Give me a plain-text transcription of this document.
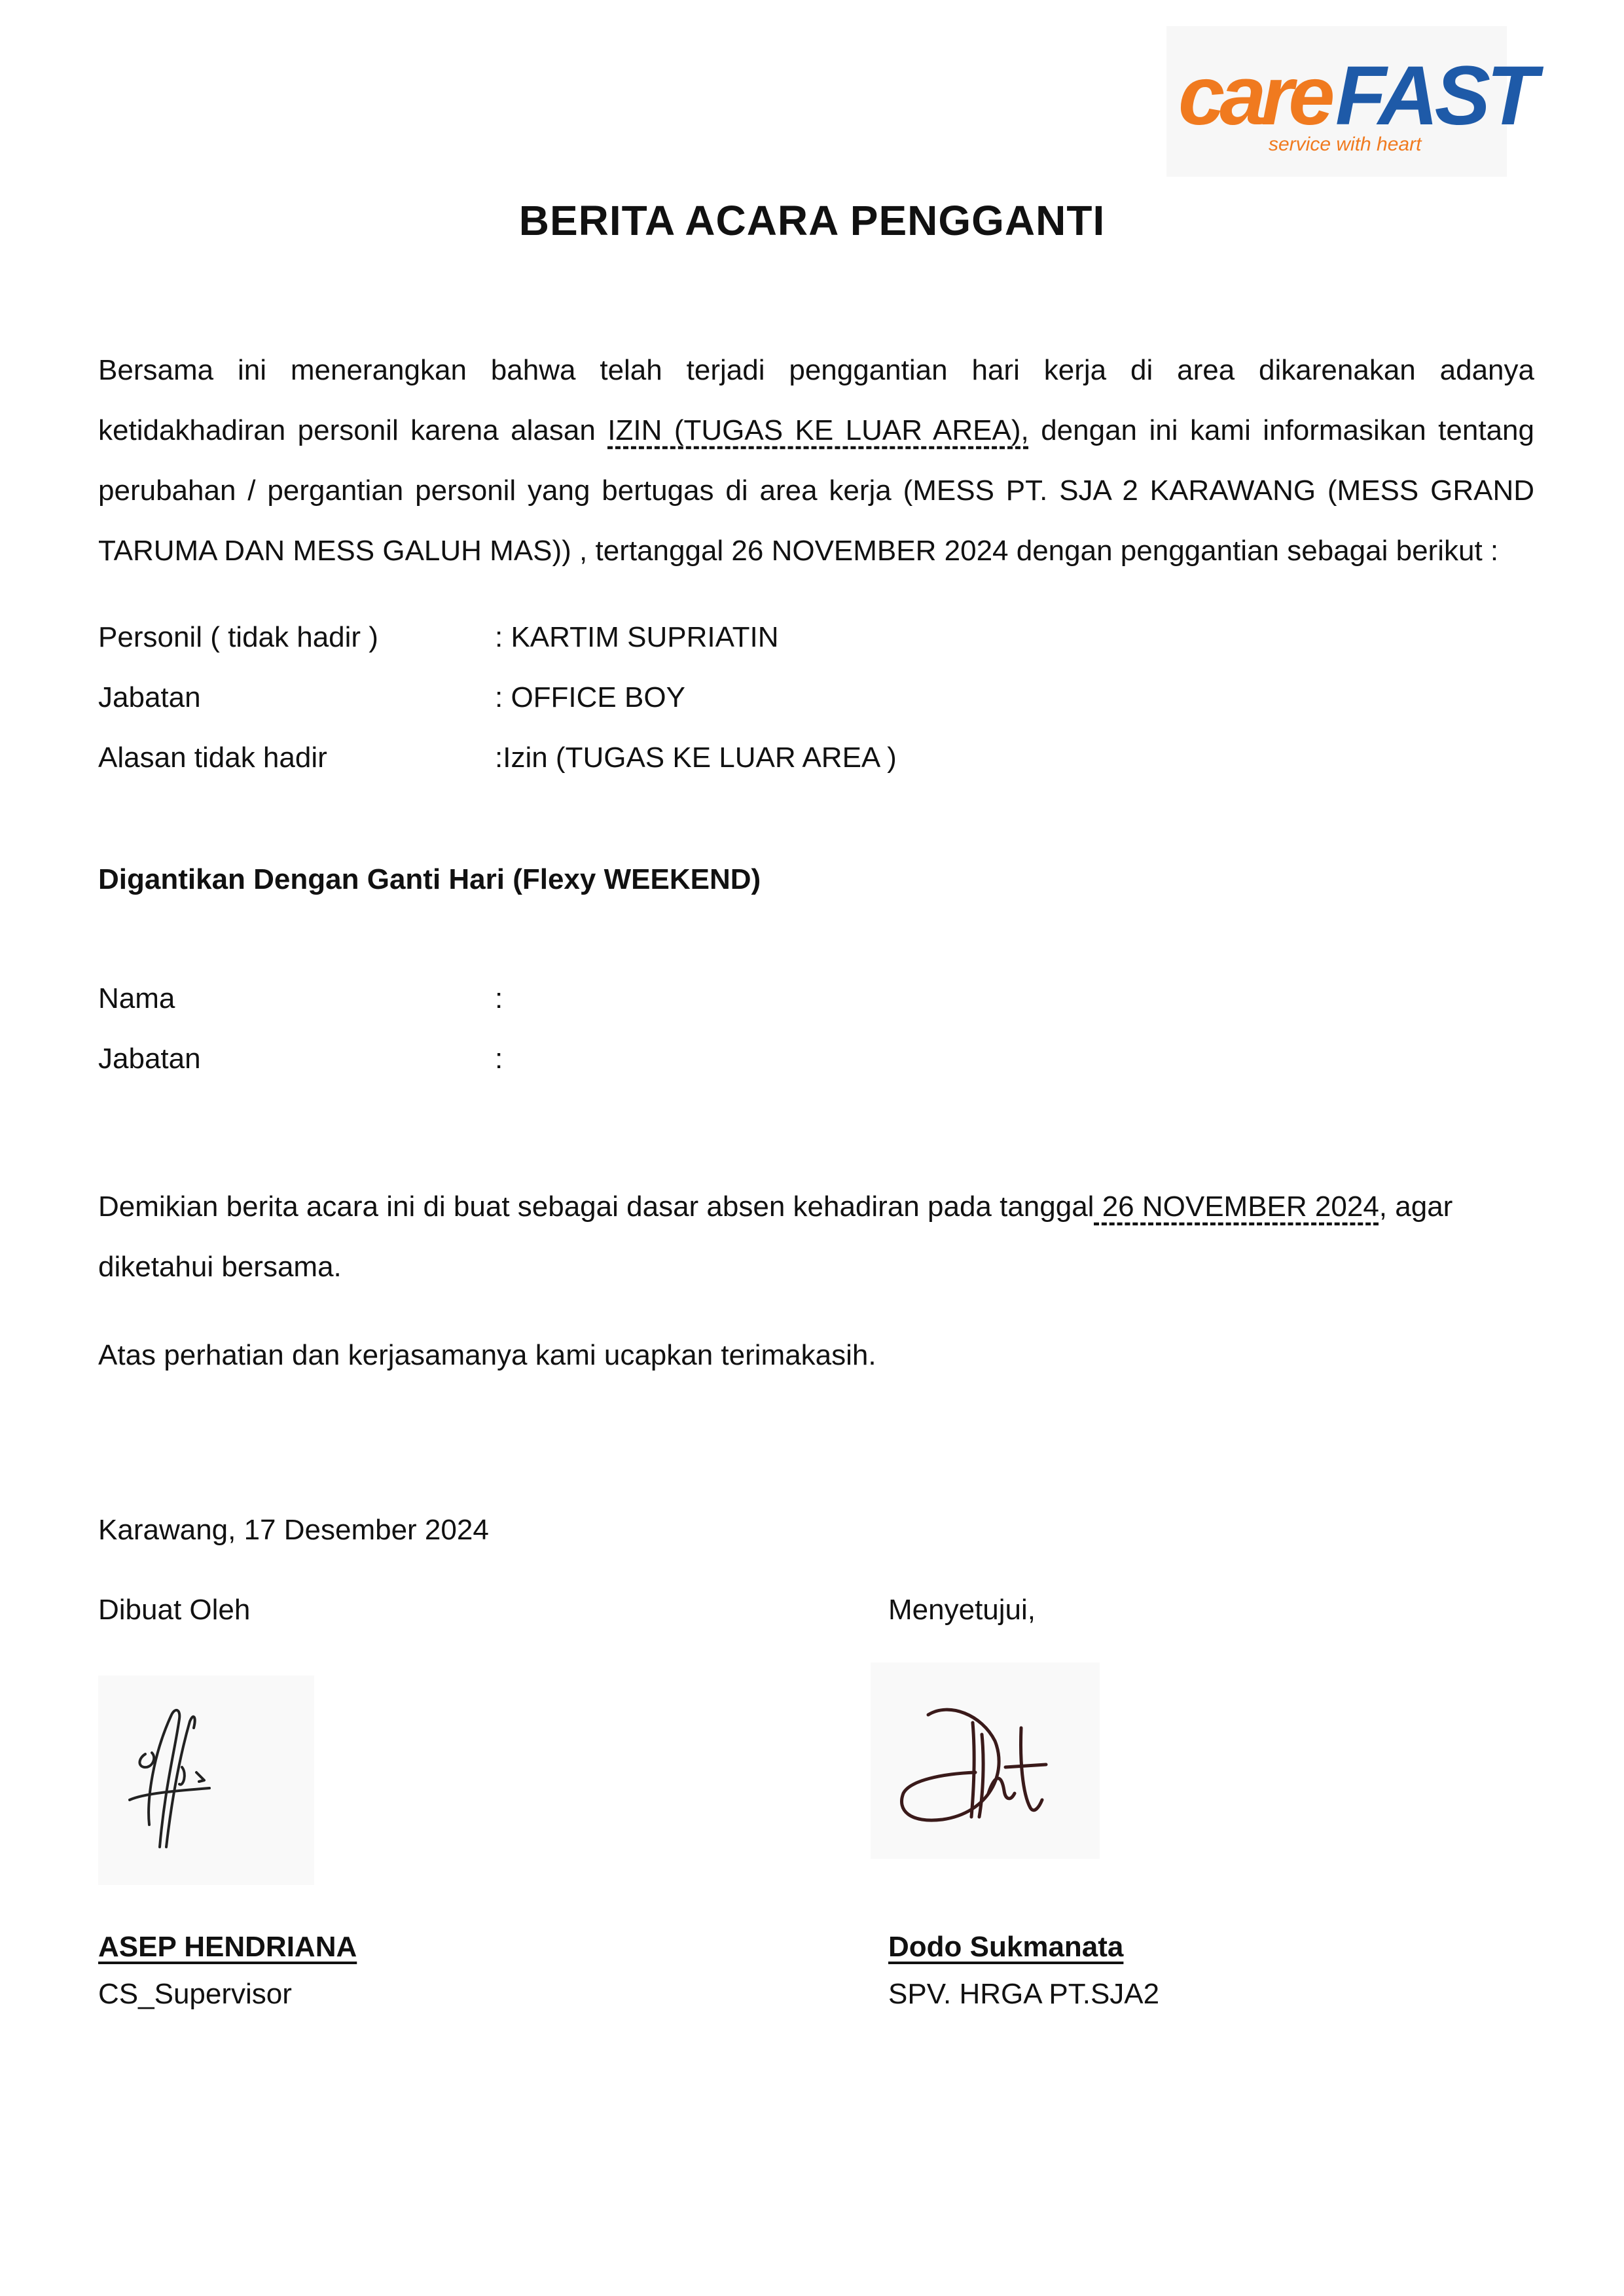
care FAST
service with heart
BERITA ACARA PENGGANTI
Bersama ini menerangkan bahwa telah terjadi penggantian hari kerja di area dikarenakan adanya ketidakhadiran personil karena alasan IZIN (TUGAS KE LUAR AREA), dengan ini kami informasikan tentang perubahan / pergantian personil yang bertugas di area kerja (MESS PT. SJA 2 KARAWANG (MESS GRAND TARUMA DAN MESS GALUH MAS)) , tertanggal 26 NOVEMBER 2024 dengan penggantian sebagai berikut :
Personil ( tidak hadir )	: KARTIM SUPRIATIN
Jabatan	: OFFICE BOY
Alasan tidak hadir	:Izin (TUGAS KE LUAR AREA )
Digantikan Dengan Ganti Hari (Flexy WEEKEND)
Nama	:
Jabatan	:
Demikian berita acara ini di buat sebagai dasar absen kehadiran pada tanggal 26 NOVEMBER 2024, agar diketahui bersama.
Atas perhatian dan kerjasamanya kami ucapkan terimakasih.
Karawang, 17 Desember 2024
Dibuat Oleh
ASEP HENDRIANA
CS_Supervisor
Menyetujui,
Dodo Sukmanata
SPV. HRGA PT.SJA2
